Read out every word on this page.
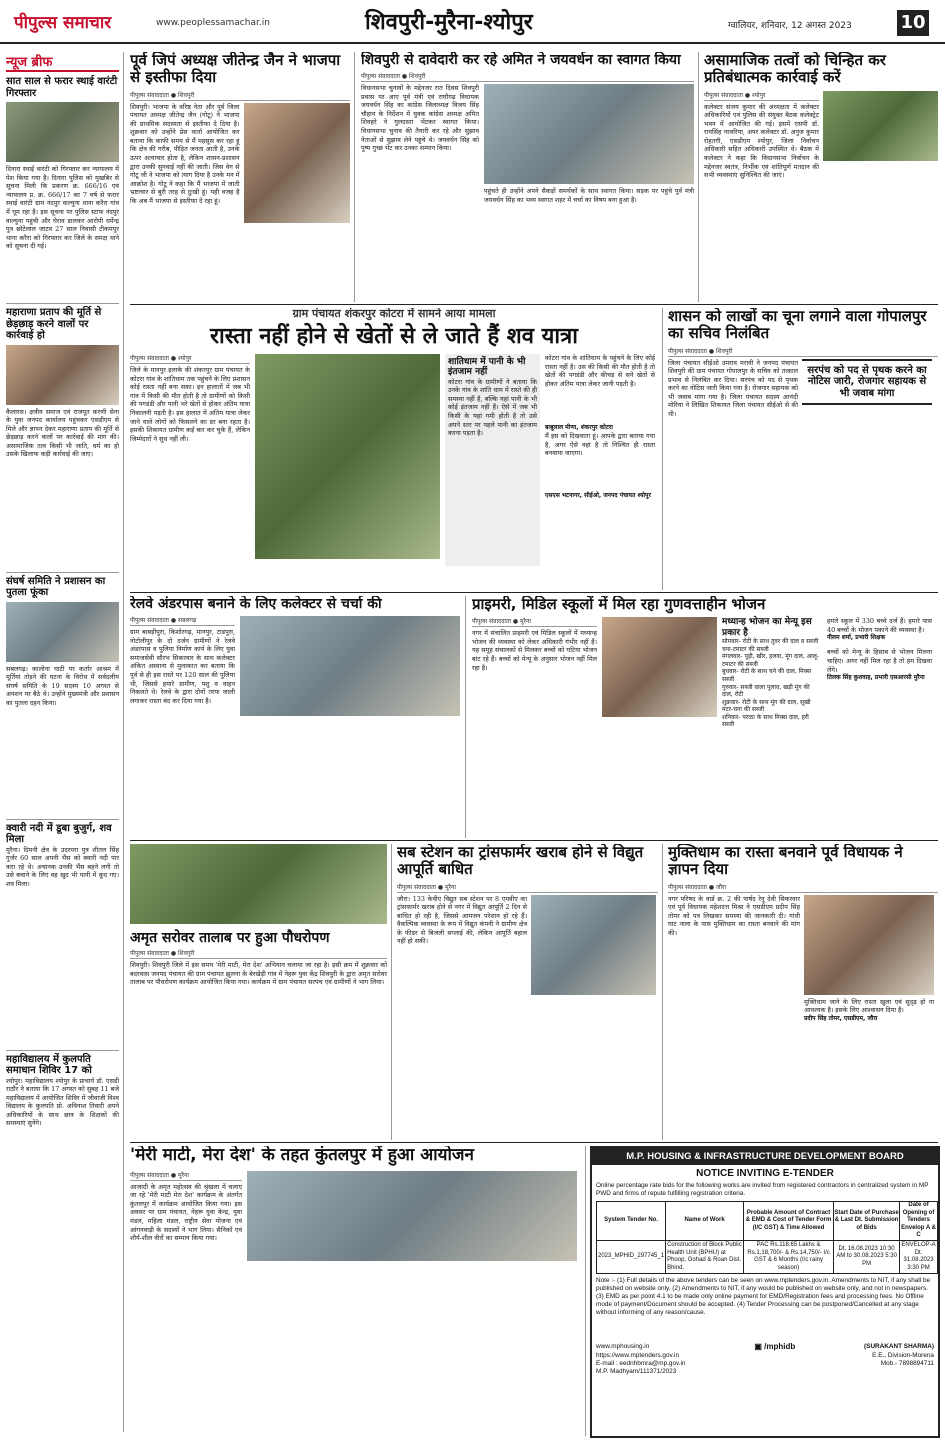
पीपुल्स समाचार	www.peoplessamachar.in	शिवपुरी-मुरैना-श्योपुर	ग्वालियर, शनिवार, 12 अगस्त 2023	10
न्यूज ब्रीफ
सात साल से फरार स्थाई वारंटी गिरफ्तार
दिनारा स्थाई वारंटी को गिरफ्तार कर न्यायालय में पेश किया गया है। दिनारा पुलिस को मुखबिर से सूचना मिली कि प्रकरण क्र. 666/16 एवं न्यायालय प्र. क्र. 666/17 का 7 वर्ष से फरार स्थाई वारंटी ग्राम नंदपुर वाल्युना थाना करैरा गांव में घूम रहा है। इस सूचना पर पुलिस स्टाफ नंदपुर वाल्युना पहुंची और घेराव डालकर आरोपी धर्मेन्द्र पुत्र छोटेलाल जाटव 27 साल निवासी टीकमपुर थाना करैरा को गिरफ्तार कर जिले के समक्ष थाने को सूचना दी गई।
महाराणा प्रताप की मूर्ति से छेड़छाड़ करने वालों पर कार्रवाई हो
कैलारस। क्षत्रीय समाज एवं राजपूत करणी सेना के युवा जनपद कार्यालय पहुंचकर एसडीएम से मिले और ज्ञापन देकर महाराणा प्रताप की मूर्ति से छेड़छाड़ करने वालों पर कार्रवाई की मांग की। असामाजिक तत्व किसी भी जाति, धर्म का हो उसके खिलाफ कड़ी कार्रवाई की जाए।
संघर्ष समिति ने प्रशासन का पुतला फूंका
सबलगढ़। कालोना घाटी पर कर्तार आश्रम में मूर्तियां तोड़ने की घटना के विरोध में सर्वदलीय संघर्ष समिति के 19 सदस्य 10 अगस्त से अनशन पर बैठे थे। उन्होंने मुख्यमंत्री और प्रशासन का पुतला दहन किया।
क्वारी नदी में डूबा बुजुर्ग, शव मिला
मुरैना। दिमनी क्षेत्र के उदरपरा पुत्र शीतल सिंह गुर्जर 60 साल अपनी भैंस को क्वारी नदी पार करा रहे थे। अचानक उनकी भैंस बहने लगी तो उसे बचाने के लिए वह खुद भी पानी में कूद गए। शव मिला।
महाविद्यालय में कुलपति समाधान शिविर 17 को
श्योपुर। महाविद्यालय श्योपुर के प्राचार्य डॉ. एसडी राठौर ने बताया कि 17 अगस्त को सुबह 11 बजे महाविद्यालय में आयोजित शिविर में जीवाजी विश्व विद्यालय के कुलपति प्रो. अविनाश तिवारी अपने अधिकारियों के साथ छात्र के शिक्षकों की समस्याएं सुनेंगे।
पूर्व जिपं अध्यक्ष जीतेन्द्र जैन ने भाजपा से इस्तीफा दिया
पीपुल्स संवाददाता ● शिवपुरी
शिवपुरी। भाजपा के वरिष्ठ नेता और पूर्व जिला पंचायत अध्यक्ष जीतेन्द्र जैन (गोटू) ने भाजपा की प्राथमिक सदस्यता से इस्तीफा दे दिया है। शुक्रवार को उन्होंने प्रेस वार्ता आयोजित कर बताया कि काफी समय से मैं महसूस कर रहा हूं कि क्षेत्र की गरीब, पीड़ित जनता आती है, उनके ऊपर अत्याचार होता है, लेकिन शासन-प्रशासन द्वारा उनकी सुनवाई नहीं की जाती। जिस वेग से गोटू जी ने भाजपा को त्याग दिया है उनके मन में आक्रोश है। गोटू ने कहा कि मैं भाजपा में जाती भ्रष्टाचार से बुरी तरह से दुःखी हूं। यही वजह है कि अब मैं भाजपा से इस्तीफा दे रहा हूं।
शिवपुरी से दावेदारी कर रहे अमित ने जयवर्धन का स्वागत किया
पीपुल्स संवाददाता ● शिवपुरी
विधानसभा चुनावों के मद्देनजर रात दिवस शिवपुरी प्रवास पर आए पूर्व मंत्री एवं राघौगढ़ विधायक जयवर्धन सिंह का कांग्रेस जिलाध्यक्ष विजय सिंह चौहान के निर्देशन में युवक कांग्रेस अध्यक्ष अमित शिवहरे ने गुलदस्ता भेंटकर स्वागत किया। विधानसभा चुनाव की तैयारी कर रहे और सुझाव नेताओं से सुझाव लेने पहुंचे थे। जयवर्धन सिंह को पुष्प गुच्छ भेंट कर उनका सम्मान किया।
पहुंचते ही उन्होंने अपने सैकड़ों समर्थकों के साथ स्वागत किया। सड़क पर पहुंचे पूर्व मंत्री जयवर्धन सिंह का भव्य स्वागत शहर में चर्चा का विषय बना हुआ है।
असामाजिक तत्वों को चिन्हित कर प्रतिबंधात्मक कार्रवाई करें
पीपुल्स संवाददाता ● श्योपुर
कलेक्टर संजय कुमार की अध्यक्षता में कलेक्टर अधिकारियों एवं पुलिस की संयुक्त बैठक कलेक्ट्रेट भवन में आयोजित की गई। इसमें एसपी डॉ. रायसिंह नरवरिया, अपर कलेक्टर डॉ. अनुज कुमार रोहतगी, एसडीएम श्योपुर, जिला निर्वाचन अधिकारी सहित अधिकारी उपस्थित थे। बैठक में कलेक्टर ने कहा कि विधानसभा निर्वाचन के मद्देनजर स्वतंत्र, निर्भीक एवं शांतिपूर्ण मतदान की सभी व्यवस्थाएं सुनिश्चित की जाएं।
ग्राम पंचायत शंकरपुर कोटरा में सामने आया मामला
रास्ता नहीं होने से खेतों से ले जाते हैं शव यात्रा
पीपुल्स संवाददाता ● श्योपुर
जिले के मानपुर इलाके की शंकरपुर ग्राम पंचायत के कोटरा गांव के शांतिधाम तक पहुंचने के लिए प्रशासन कोई रास्ता नहीं बना सका। इन हालातों में जब भी गांव में किसी की मौत होती है तो ग्रामीणों को किसी की पगडंडी और पानी भरे खेतों से होकर अंतिम यात्रा निकालनी पड़ती है। इस हालात में अंतिम यात्रा लेकर जाने वाले लोगों को फिसलने का डर बना रहता है। इसकी शिकायत ग्रामीण कई बार कर चुके हैं, लेकिन जिम्मेदारों ने सुध नहीं ली।
शातिधाम में पानी के भी इंतजाम नहीं
कोटरा गांव के ग्रामीणों ने बताया कि उनके गांव के शांति धाम में रास्ते की ही समस्या नहीं है, बल्कि यहां पानी के भी कोई इंतजाम नहीं हैं। ऐसे में जब भी किसी के यहां गमी होती है तो उसे अपने स्तर पर पहले पानी का इंतजाम करना पड़ता है।
कोटरा गांव के शांतिधाम के पहुंचने के लिए कोई रास्ता नहीं है। उस की किसी की मौत होती है तो खेतों की पगडंडी और कीचड़ से सने खेतों से होकर अंतिम यात्रा लेकर जानी पड़ती है।
बाबूलाल मीणा, शंकरपुर कोटरा
मैं इस को दिखवाता हूं। आपके द्वारा बताया गया है, अगर ऐसे वहां है तो निश्चित ही रास्ता बनवाया जाएगा।
एसएस भटनागर, सीईओ, जनपद पंचायत श्योपुर
शासन को लाखों का चूना लगाने वाला गोपालपुर का सचिव निलंबित
पीपुल्स संवाददाता ● शिवपुरी
जिला पंचायत सीईओ उमराव मरावी ने जनपद पंचायत शिवपुरी की ग्राम पंचायत गोपालपुर के सचिव को तत्काल प्रभाव से निलंबित कर दिया। सरपंच को पद से पृथक करने का नोटिस जारी किया गया है। रोजगार सहायक को भी जवाब मांगा गया है। जिला पंचायत सदस्य आनंदी मोरिया ने लिखित शिकायत जिला पंचायत सीईओ से की थी।
सरपंच को पद से पृथक करने का नोटिस जारी, रोजगार सहायक से भी जवाब मांगा
रेलवे अंडरपास बनाने के लिए कलेक्टर से चर्चा की
पीपुल्स संवाददाता ● सबलगढ़
ग्राम बाबड़ीपुरा, किशोरगढ़, मानपुर, टाडपुरा, नोटोलीपुर के दो दर्जन ग्रामीणों ने रेलवे अंडरपास व पुलिया निर्माण कार्य के लिए युवा समाजसेवी सौरभ सिकरवार के साथ कलेक्टर अंकित अस्थाना से मुलाकात कर बताया कि पूर्व से ही इस रास्ते पर 120 साल की पुलिया थी, जिससे हमारे ग्रामीण, पशु व वाहन निकलते थे। रेलवे के द्वारा दोनों तरफ जाली लगाकर रास्ता बंद कर दिया गया है।
प्राइमरी, मिडिल स्कूलों में मिल रहा गुणवत्ताहीन भोजन
पीपुल्स संवाददाता ● मुरैना
नगर में संचालित प्राइमरी एवं मिडिल स्कूलों में मध्यान्ह भोजन की व्यवस्था को लेकर अधिकारी गंभीर नहीं हैं। यह समूह संचालकों से मिलकर बच्चों को घटिया भोजन बांट रहे हैं। बच्चों को मेन्यू के अनुसार भोजन नहीं मिल रहा है।
मध्यान्ह भोजन का मेन्यू इस प्रकार है
सोमवार- रोटी के साथ तुवर की दाल व सब्जी चना-टमाटर की सब्जी
मंगलवार- पूड़ी, खीर, हलवा, मूंग दाल, आलू-टमाटर की सब्जी
बुधवार- रोटी के साथ चने की दाल, मिक्स सब्जी
गुरुवार- सब्जी वाला पुलाव, खड़ी मूंग की दाल, रोटी
शुक्रवार- रोटी के साथ मूंग की दाल, सूखी मटर-चना की सब्जी
शनिवार- पराठा के साथ मिक्स दाल, हरी सब्जी
हमारे स्कूल में 330 बच्चे दर्ज हैं। हमारे पास 40 बच्चों के भोजन पकाने की व्यवस्था है।
नीलम शर्मा, प्रभारी शिक्षक
बच्चों को मेन्यू के हिसाब से भोजन मिलना चाहिए। अगर नहीं मिल रहा है तो हम दिखवा लेंगे।
तिलक सिंह कुशवाह, प्रभारी एसआरसी मुरैना
अमृत सरोवर तालाब पर हुआ पौधरोपण
पीपुल्स संवाददाता ● शिवपुरी
शिवपुरी। शिवपुरी जिले में इस समय 'मेरी माटी, मेरा देश' अभियान चलाया जा रहा है। इसी क्रम में शुक्रवार को बदरवास जनपद पंचायत की ग्राम पंचायत झुलना के बेरखेड़ी गांव में नेहरू युवा केंद्र शिवपुरी के द्वारा अमृत सरोवर तालाब पर पौधरोपण कार्यक्रम आयोजित किया गया। कार्यक्रम में ग्राम पंचायत सरपंच एवं ग्रामीणों ने भाग लिया।
सब स्टेशन का ट्रांसफार्मर खराब होने से विद्युत आपूर्ति बाधित
पीपुल्स संवाददाता ● मुरैना
जौरा। 133 केवीए विद्युत सब स्टेशन पर 8 एमवीए का ट्रांसफार्मर खराब होने से नगर में विद्युत आपूर्ति 2 दिन से बाधित हो रही है, जिससे आमजन परेशान हो रहे हैं। वैकल्पिक व्यवस्था के रूप में विद्युत कंपनी ने ग्रामीण क्षेत्र के फीडर से बिजली सप्लाई की, लेकिन आपूर्ति बहाल नहीं हो सकी।
मुक्तिधाम का रास्ता बनवाने पूर्व विधायक ने ज्ञापन दिया
पीपुल्स संवाददाता ● जौरा
नगर परिषद के वार्ड क्र. 2 की पार्षद रेनू देवी सिकरवार एवं पूर्व विधायक महेशदत्त मिश्रा ने एसडीएम प्रदीप सिंह तोमर को पत्र लिखकर समस्या की जानकारी दी। गांधी घाट नाला के पास मुक्तिधाम का रास्ता बनवाने की मांग की।
मुक्तिधाम जाने के लिए रास्ता खुला एवं सुदृढ़ हो ना आवश्यक है। इसके लिए आश्वासन दिया है।
प्रदीप सिंह तोमर, एसडीएम, जौरा
'मेरी माटी, मेरा देश' के तहत कुंतलपुर में हुआ आयोजन
पीपुल्स संवाददाता ● मुरैना
आजादी के अमृत महोत्सव की श्रृंखला में चलाए जा रहे 'मेरी माटी मेरा देश' कार्यक्रम के अंतर्गत कुंतलपुर में कार्यक्रम आयोजित किया गया। इस अवसर पर ग्राम पंचायत, नेहरू युवा केन्द्र, युवा मंडल, महिला मंडल, राष्ट्रीय सेवा योजना एवं आंगनवाड़ी के सदस्यों ने भाग लिया। सैनिकों एवं शौर्य-शील वीरों का सम्मान किया गया।
M.P. HOUSING & INFRASTRUCTURE DEVELOPMENT BOARD
NOTICE INVITING E-TENDER
Online percentage rate bids for the following works are invited from registered contractors in centralized system in MP PWD and firms of repute fulfilling registration criteria.
System Tender No.	Name of Work	Probable Amount of Contract & EMD & Cost of Tender Form (I/C GST) & Time Allowed	Start Date of Purchase & Last Dt. Submission of Bids	Date of Opening of Tenders Envelop A & C
2023_MPHID_297745_1	Construction of Block Public Health Unit (BPHU) at Phoop, Gohad & Roan Dist. Bhind.	PAC Rs.118.65 Lakhs & Rs.1,18,700/- & Rs.14,750/- I/c GST & 6 Months (I/c rainy season)	Dt. 16.08.2023 10:30 AM to 30.08.2023 5:30 PM	ENVELOP-A Dt. 31.08.2023 3:30 PM
Note :- (1) Full details of the above tenders can be seen on www.mptenders.gov.in. Amendments to NIT, if any shall be published on website only. (2) Amendments to NIT, if any would be published on website only, and not in newspapers. (3) EMD as per point 4.1 to be made only online payment for EMD/Registration fees and processing fees. No Offline mode of payment/Document should be accepted. (4) Tender Processing can be postponed/Cancelled at any stage without informing of any reason/cause.
www.mphousing.in
https://www.mptenders.gov.in
E-mail : eednhbmra@mp.gov.in
M.P. Madhyam/111371/2023
▣ /mphidb	(SURAKANT SHARMA)
E.E., Division-Morena
Mob.- 7898894711
